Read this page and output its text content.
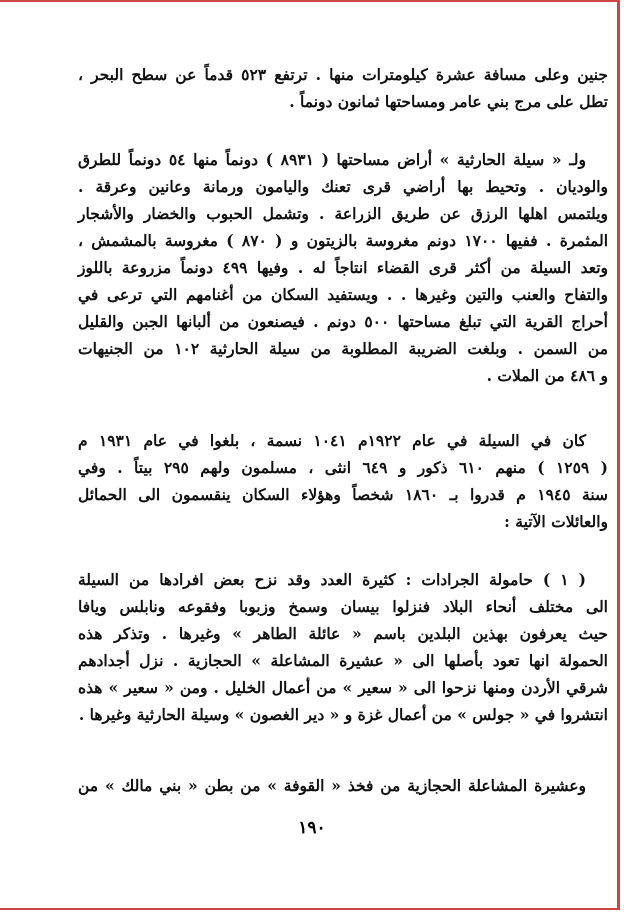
جنين وعلى مسافة عشرة كيلومترات منها . ترتفع ٥٢٣ قدماً عن سطح البحر ،
تطل على مرج بني عامر ومساحتها ثمانون دونماً .
ولـ « سيلة الحارثية » أراض مساحتها ( ٨٩٣١ ) دونماً منها ٥٤ دونماً للطرق
والوديان . وتحيط بها أراضي قرى تعنك واليامون ورمانة وعانين وعرقة .
ويلتمس اهلها الرزق عن طريق الزراعة . وتشمل الحبوب والخضار والأشجار
المثمرة . ففيها ١٧٠٠ دونم مغروسة بالزيتون و ( ٨٧٠ ) مغروسة بالمشمش ،
وتعد السيلة من أكثر قرى القضاء انتاجاً له . وفيها ٤٩٩ دونماً مزروعة باللوز
والتفاح والعنب والتين وغيرها . . ويستفيد السكان من أغنامهم التي ترعى في
أحراج القرية التي تبلغ مساحتها ٥٠٠ دونم . فيصنعون من ألبانها الجبن والقليل
من السمن . وبلغت الضريبة المطلوبة من سيلة الحارثية ١٠٢ من الجنيهات
و ٤٨٦ من الملات .
كان في السيلة في عام ١٩٢٢م ١٠٤١ نسمة ، بلغوا في عام ١٩٣١ م
( ١٢٥٩ ) منهم ٦١٠ ذكور و ٦٤٩ انثى ، مسلمون ولهم ٢٩٥ بيتاً . وفي
سنة ١٩٤٥ م قدروا بـ ١٨٦٠ شخصاً وهؤلاء السكان ينقسمون الى الحمائل
والعائلات الآتية :
( ١ ) حامولة الجرادات : كثيرة العدد وقد نزح بعض افرادها من السيلة
الى مختلف أنحاء البلاد فنزلوا بيسان وسمخ وزبوبا وفقوعه ونابلس ويافا
حيث يعرفون بهذين البلدين باسم « عائلة الطاهر » وغيرها . وتذكر هذه
الحمولة انها تعود بأصلها الى « عشيرة المشاعلة » الحجازية . نزل أجدادهم
شرقي الأردن ومنها نزحوا الى « سعير » من أعمال الخليل . ومن « سعير » هذه
انتشروا في « جولس » من أعمال غزة و « دير الغصون » وسيلة الحارثية وغيرها .
وعشيرة المشاعلة الحجازية من فخذ « القوفة » من بطن « بني مالك » من
١٩٠
